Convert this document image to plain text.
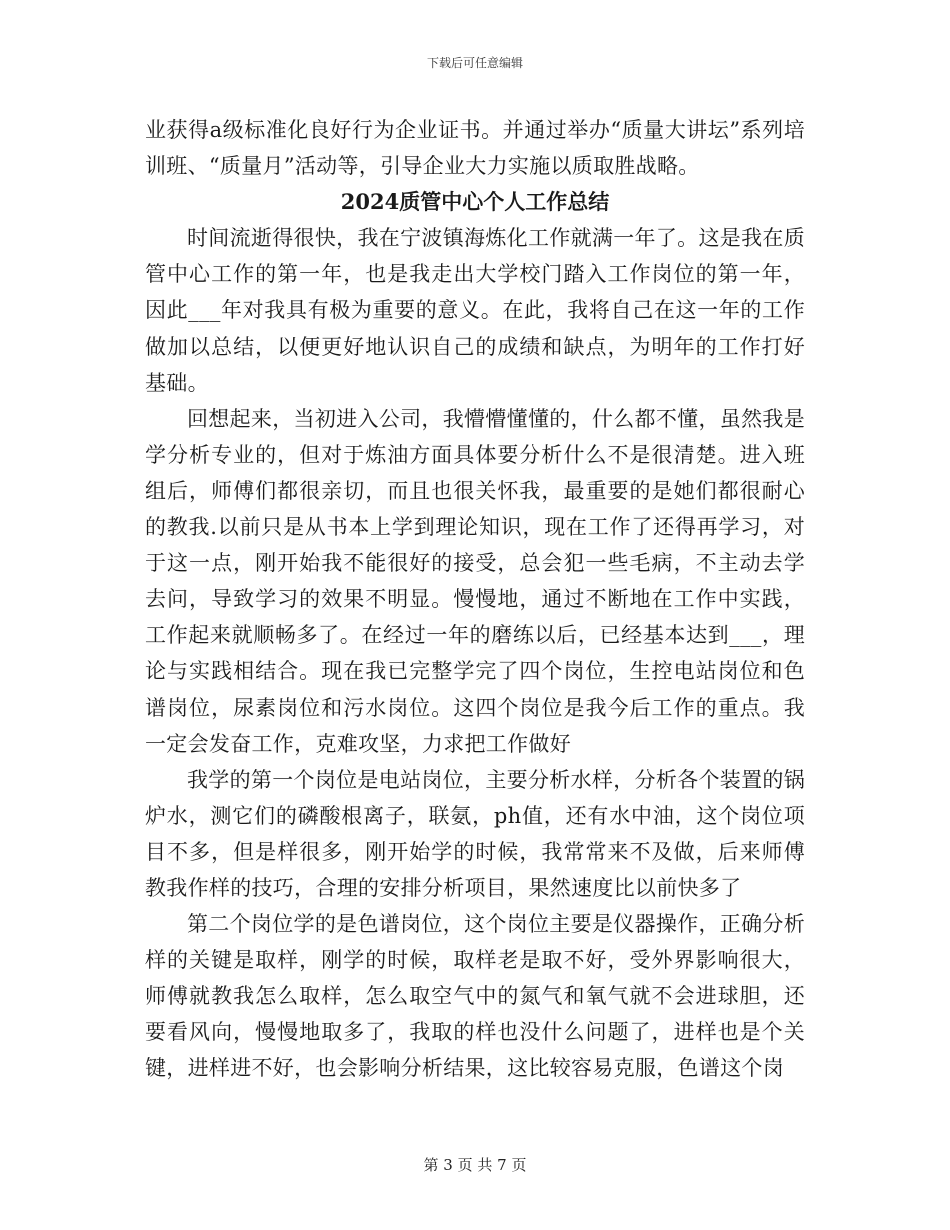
下载后可任意编辑

业获得a级标准化良好行为企业证书。并通过举办“质量大讲坛”系列培训班、“质量月”活动等，引导企业大力实施以质取胜战略。

2024质管中心个人工作总结

时间流逝得很快，我在宁波镇海炼化工作就满一年了。这是我在质管中心工作的第一年，也是我走出大学校门踏入工作岗位的第一年，因此___年对我具有极为重要的意义。在此，我将自己在这一年的工作做加以总结，以便更好地认识自己的成绩和缺点，为明年的工作打好基础。

回想起来，当初进入公司，我懵懵懂懂的，什么都不懂，虽然我是学分析专业的，但对于炼油方面具体要分析什么不是很清楚。进入班组后，师傅们都很亲切，而且也很关怀我，最重要的是她们都很耐心的教我.以前只是从书本上学到理论知识，现在工作了还得再学习，对于这一点，刚开始我不能很好的接受，总会犯一些毛病，不主动去学去问，导致学习的效果不明显。慢慢地，通过不断地在工作中实践，工作起来就顺畅多了。在经过一年的磨练以后，已经基本达到___，理论与实践相结合。现在我已完整学完了四个岗位，生控电站岗位和色谱岗位，尿素岗位和污水岗位。这四个岗位是我今后工作的重点。我一定会发奋工作，克难攻坚，力求把工作做好

我学的第一个岗位是电站岗位，主要分析水样，分析各个装置的锅炉水，测它们的磷酸根离子，联氨，ph值，还有水中油，这个岗位项目不多，但是样很多，刚开始学的时候，我常常来不及做，后来师傅教我作样的技巧，合理的安排分析项目，果然速度比以前快多了

第二个岗位学的是色谱岗位，这个岗位主要是仪器操作，正确分析样的关键是取样，刚学的时候，取样老是取不好，受外界影响很大，师傅就教我怎么取样，怎么取空气中的氮气和氧气就不会进球胆，还要看风向，慢慢地取多了，我取的样也没什么问题了，进样也是个关键，进样进不好，也会影响分析结果，这比较容易克服，色谱这个岗

第 3 页 共 7 页
